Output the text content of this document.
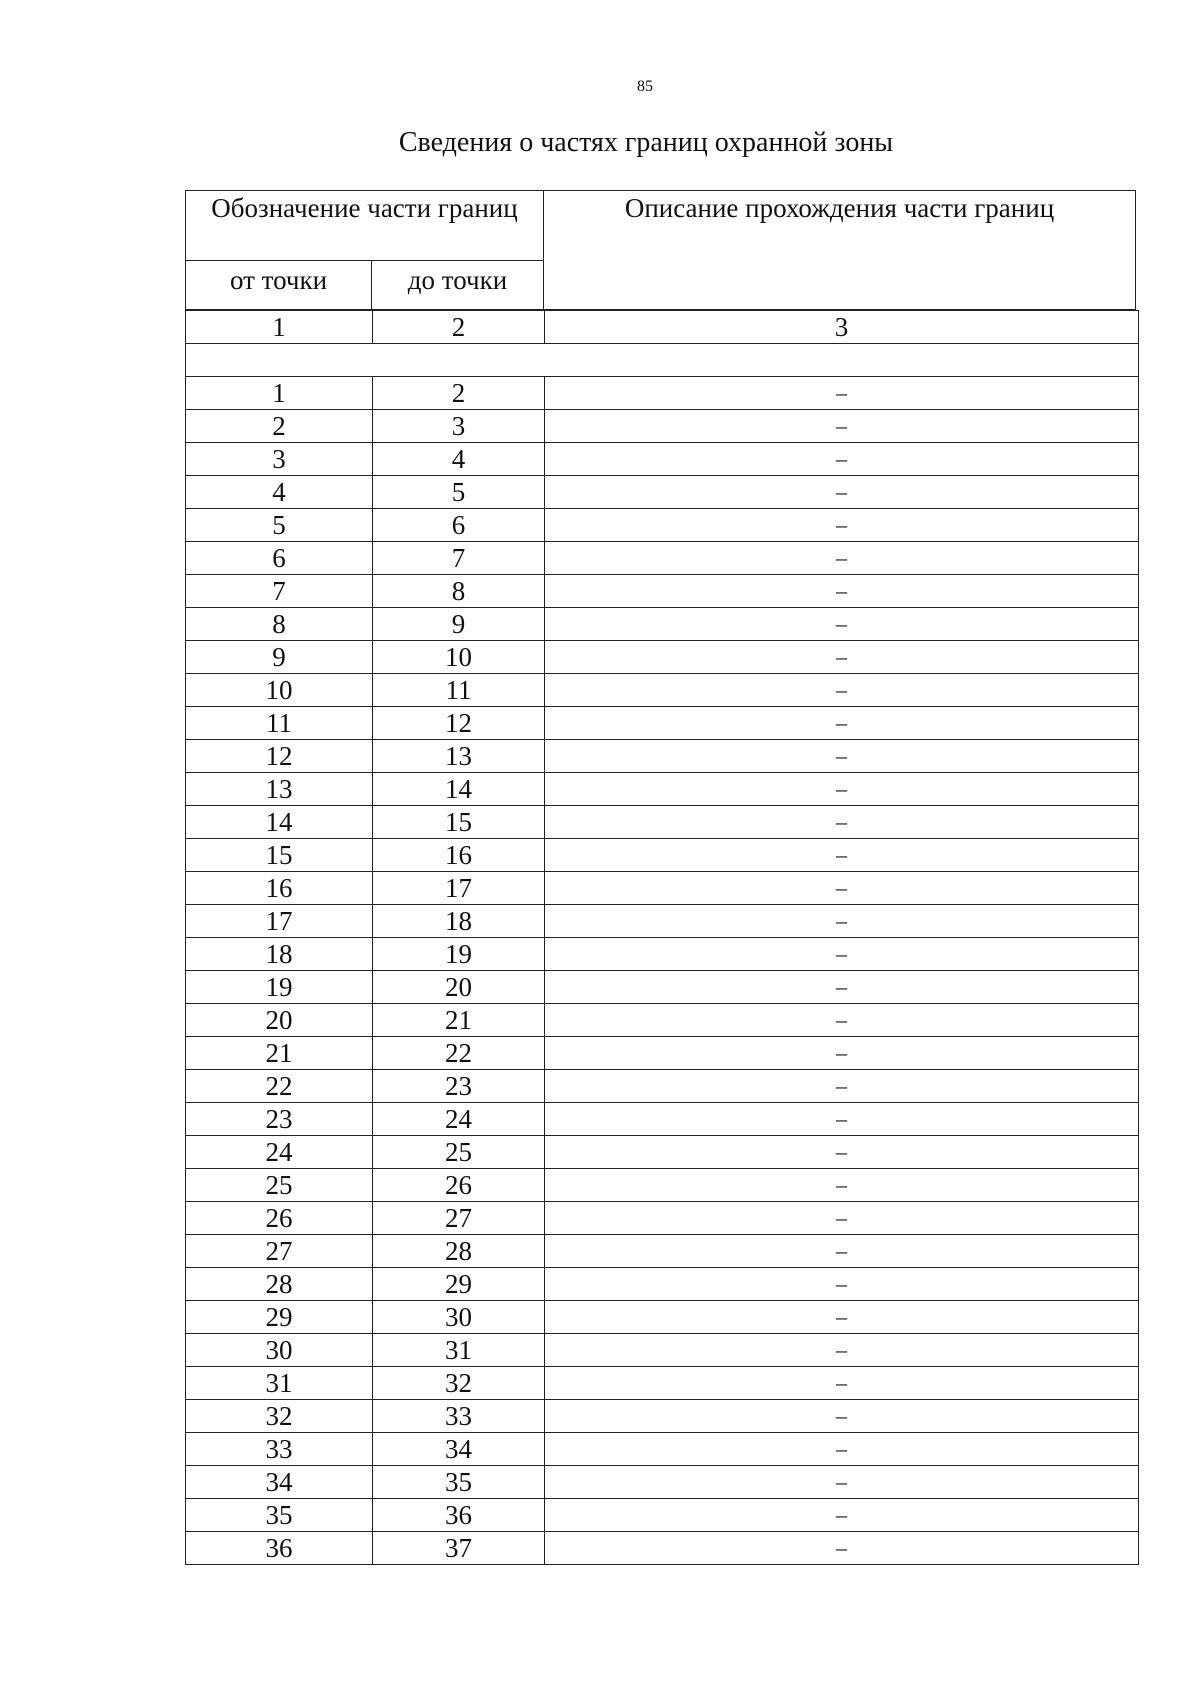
85
Сведения о частях границ охранной зоны
Обозначение части границ
от точки	до точки
Описание прохождения части границ
1	2	3

1	2	–
2	3	–
3	4	–
4	5	–
5	6	–
6	7	–
7	8	–
8	9	–
9	10	–
10	11	–
11	12	–
12	13	–
13	14	–
14	15	–
15	16	–
16	17	–
17	18	–
18	19	–
19	20	–
20	21	–
21	22	–
22	23	–
23	24	–
24	25	–
25	26	–
26	27	–
27	28	–
28	29	–
29	30	–
30	31	–
31	32	–
32	33	–
33	34	–
34	35	–
35	36	–
36	37	–
